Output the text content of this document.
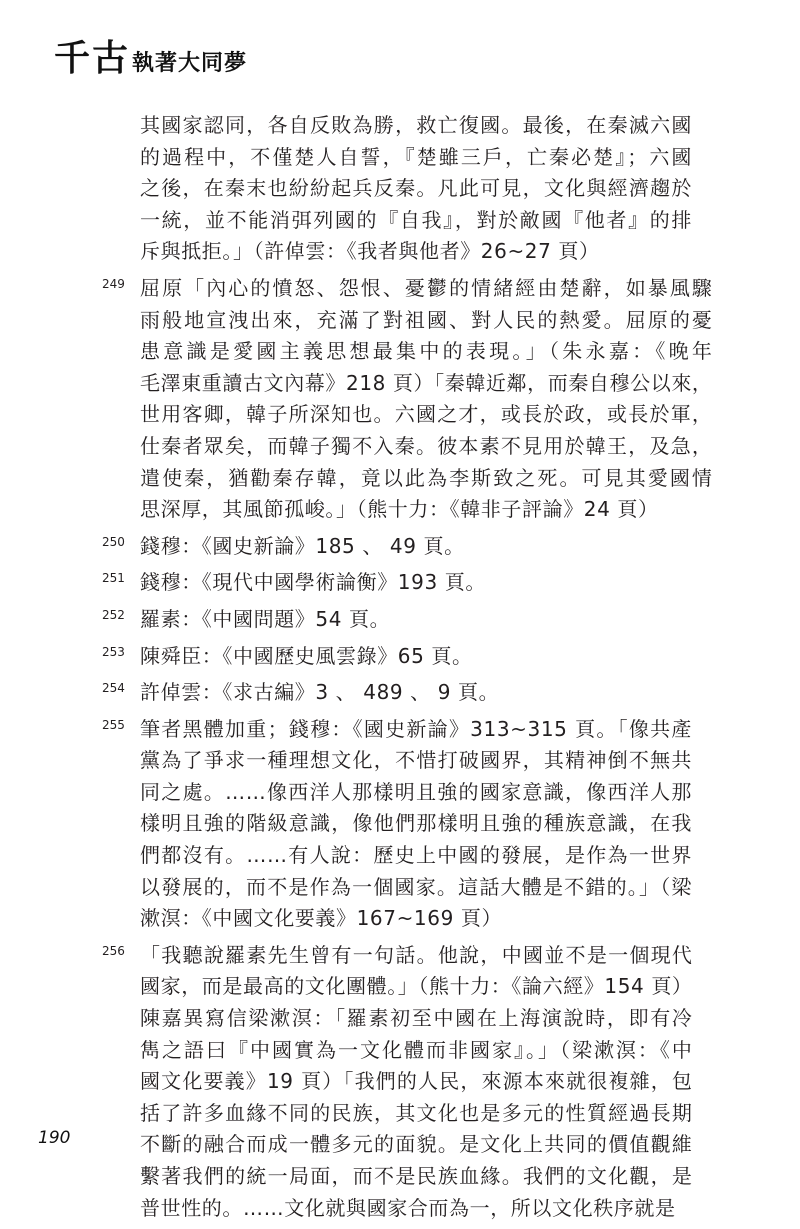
千古 執著大同夢
其國家認同，各自反敗為勝，救亡復國。最後，在秦滅六國
的過程中，不僅楚人自誓，『楚雖三戶，亡秦必楚』；六國
之後，在秦末也紛紛起兵反秦。凡此可見，文化與經濟趨於
一統，並不能消弭列國的『自我』，對於敵國『他者』的排
斥與抵拒。」（許倬雲：《我者與他者》26~27 頁）
249 屈原「內心的憤怒、怨恨、憂鬱的情緒經由楚辭，如暴風驟
雨般地宣洩出來，充滿了對祖國、對人民的熱愛。屈原的憂
患意識是愛國主義思想最集中的表現。」（朱永嘉：《晚年
毛澤東重讀古文內幕》218 頁）「秦韓近鄰，而秦自穆公以來，
世用客卿，韓子所深知也。六國之才，或長於政，或長於軍，
仕秦者眾矣，而韓子獨不入秦。彼本素不見用於韓王，及急，
遣使秦，猶勸秦存韓，竟以此為李斯致之死。可見其愛國情
思深厚，其風節孤峻。」（熊十力：《韓非子評論》24 頁）
250 錢穆：《國史新論》185 、 49 頁。
251 錢穆：《現代中國學術論衡》193 頁。
252 羅素：《中國問題》54 頁。
253 陳舜臣：《中國歷史風雲錄》65 頁。
254 許倬雲：《求古編》3 、 489 、 9 頁。
255 筆者黑體加重；錢穆：《國史新論》313~315 頁。「像共產
黨為了爭求一種理想文化，不惜打破國界，其精神倒不無共
同之處。……像西洋人那樣明且強的國家意識，像西洋人那
樣明且強的階級意識，像他們那樣明且強的種族意識，在我
們都沒有。……有人說：歷史上中國的發展，是作為一世界
以發展的，而不是作為一個國家。這話大體是不錯的。」（梁
漱溟：《中國文化要義》167~169 頁）
256 「我聽說羅素先生曾有一句話。他說，中國並不是一個現代
國家，而是最高的文化團體。」（熊十力：《論六經》154 頁）
陳嘉異寫信梁漱溟：「羅素初至中國在上海演說時，即有冷
雋之語曰『中國實為一文化體而非國家』。」（梁漱溟：《中
國文化要義》19 頁）「我們的人民，來源本來就很複雜，包
括了許多血緣不同的民族，其文化也是多元的性質經過長期
不斷的融合而成一體多元的面貌。是文化上共同的價值觀維
繫著我們的統一局面，而不是民族血緣。我們的文化觀，是
普世性的。……文化就與國家合而為一，所以文化秩序就是
190
